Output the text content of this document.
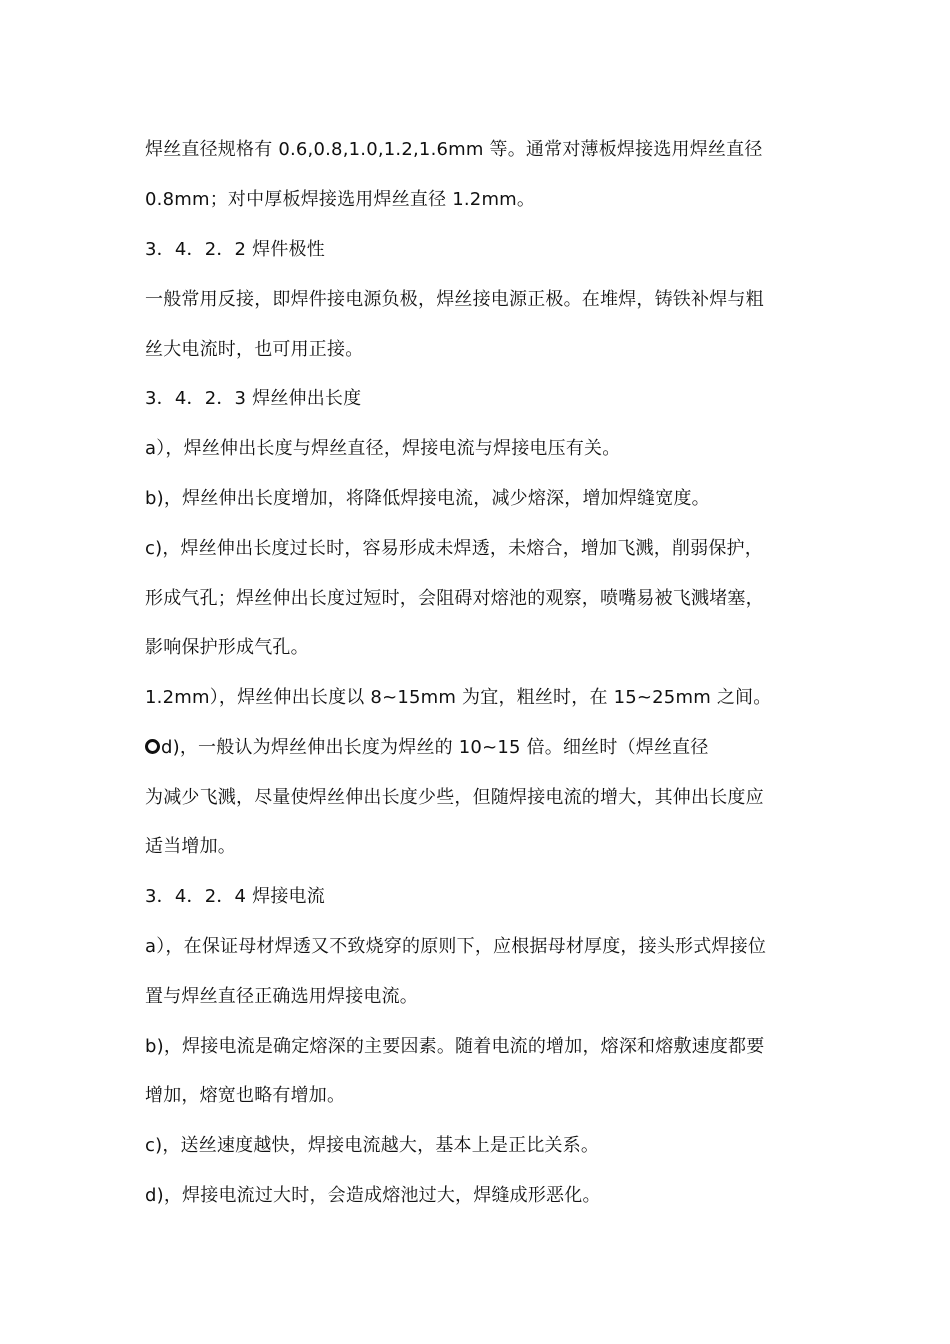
焊丝直径规格有 0.6,0.8,1.0,1.2,1.6mm 等。通常对薄板焊接选用焊丝直径
0.8mm；对中厚板焊接选用焊丝直径 1.2mm。
3．4．2．2 焊件极性
一般常用反接，即焊件接电源负极，焊丝接电源正极。在堆焊，铸铁补焊与粗
丝大电流时，也可用正接。
3．4．2．3 焊丝伸出长度
a），焊丝伸出长度与焊丝直径，焊接电流与焊接电压有关。
b)，焊丝伸出长度增加，将降低焊接电流，减少熔深，增加焊缝宽度。
c)，焊丝伸出长度过长时，容易形成未焊透，未熔合，增加飞溅，削弱保护，
形成气孔；焊丝伸出长度过短时，会阻碍对熔池的观察，喷嘴易被飞溅堵塞，
影响保护形成气孔。
1.2mm），焊丝伸出长度以 8~15mm 为宜，粗丝时，在 15~25mm 之间。
d)，一般认为焊丝伸出长度为焊丝的 10~15 倍。细丝时（焊丝直径
为减少飞溅，尽量使焊丝伸出长度少些，但随焊接电流的增大，其伸出长度应
适当增加。
3．4．2．4 焊接电流
a），在保证母材焊透又不致烧穿的原则下，应根据母材厚度，接头形式焊接位
置与焊丝直径正确选用焊接电流。
b)，焊接电流是确定熔深的主要因素。随着电流的增加，熔深和熔敷速度都要
增加，熔宽也略有增加。
c)，送丝速度越快，焊接电流越大，基本上是正比关系。
d)，焊接电流过大时，会造成熔池过大，焊缝成形恶化。
